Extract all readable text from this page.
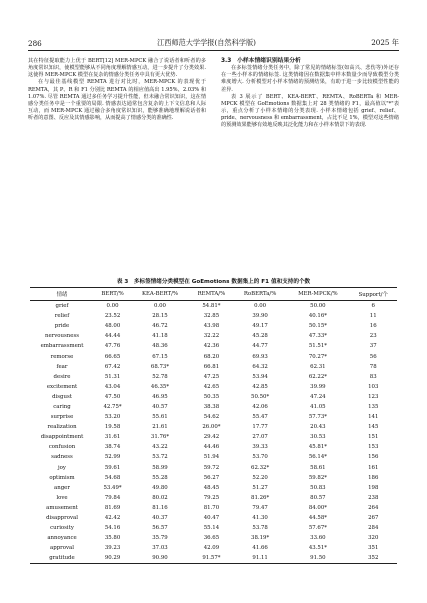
286	江西师范大学学报(自然科学版)	2025 年

其在特征提取能力上优于 BERT[12] MER-MPCK 融合了说话者和听者的多角度常识知识，使模型能够从不同角度理解情感互动，进一步提升了分类效果. 这使得 MER-MPCK 模型在复杂的情感分类任务中具有更大优势.

在与最佳基线模型 REMTA 进行对比时，MER-MPCK 的表现优于 REMTA，其 P、R 和 F1 分别比 REMTA 的相应值高出 1.95%、2.03% 和 1.07%. 尽管 REMTA 通过多任务学习提升性能，但未融合常识知识，这在情感分类任务中是一个重要的局限. 情感表达通常包含复杂的上下文信息和人际互动，而 MER-MPCK 通过融合多角度常识知识，能够准确地理解说话者和听者的意图、反应及其情感影响，从而提高了情感分类的准确性.

3.3　小样本情绪识别结果分析

在多标签情绪分类任务中，除了常见的情绪标签(如高兴、悲伤等)外还存在一些小样本的情绪标签. 这类情绪因在数据集中样本数量少而导致模型分类难度增大. 分析模型对小样本情绪的预测结果，有助于进一步比较模型性能的差异.

表 3 展示了 BERT、KEA-BERT、REMTA、RoBERTa 和 MER-MPCK 模型在 GoEmotions 数据集上对 28 类情绪的 F1，最高值以"*"表示，重点分析了小样本情绪的分类表现. 小样本情绪包括 grief、relief、pride、nervousness 和 embarrassment，占比不足 1%，模型对这些情绪的预测效果能够有效地反映其泛化能力和在小样本情景下的表现.

表 3　多标签情绪分类模型在 GoEmotions 数据集上的 F1 值和支持的个数
情绪	BERT/%	KEA-BERT/%	REMTA/%	RoBERTa/%	MER-MPCK/%	Support/个
grief	0.00	0.00	54.81*	0.00	50.00	6
relief	23.52	28.15	32.85	39.90	40.16*	11
pride	48.00	46.72	43.98	49.17	50.15*	16
nervousness	44.44	41.18	32.22	45.28	47.33*	23
embarrassment	47.76	48.36	42.36	44.77	51.51*	37
remorse	66.65	67.15	68.20	69.93	70.27*	56
fear	67.42	68.73*	66.81	64.32	62.31	78
desire	51.31	52.78	47.25	53.94	62.22*	83
excitement	43.04	46.35*	42.65	42.85	39.99	103
disgust	47.50	46.95	50.35	50.50*	47.24	123
caring	42.75*	40.57	38.38	42.06	41.05	135
surprise	53.20	55.61	54.62	55.47	57.73*	141
realization	19.58	21.61	26.00*	17.77	20.43	145
disappointment	31.61	31.76*	29.42	27.07	30.53	151
confusion	38.74	43.22	44.46	39.33	45.81*	153
sadness	52.99	53.72	51.94	53.70	56.14*	156
joy	59.61	58.99	59.72	62.32*	58.61	161
optimism	54.68	55.28	56.27	52.20	59.82*	186
anger	53.49*	49.80	48.45	51.27	50.83	198
love	79.84	80.02	79.25	81.26*	80.57	238
amusement	81.69	81.16	81.70	79.47	84.00*	264
disapproval	42.42	40.37	40.47	41.30	44.58*	267
curiosity	54.16	56.57	55.14	53.78	57.67*	284
annoyance	35.80	35.79	36.65	38.19*	33.60	320
approval	39.23	37.03	42.09	41.66	43.51*	351
gratitude	90.29	90.90	91.57*	91.11	91.50	352
